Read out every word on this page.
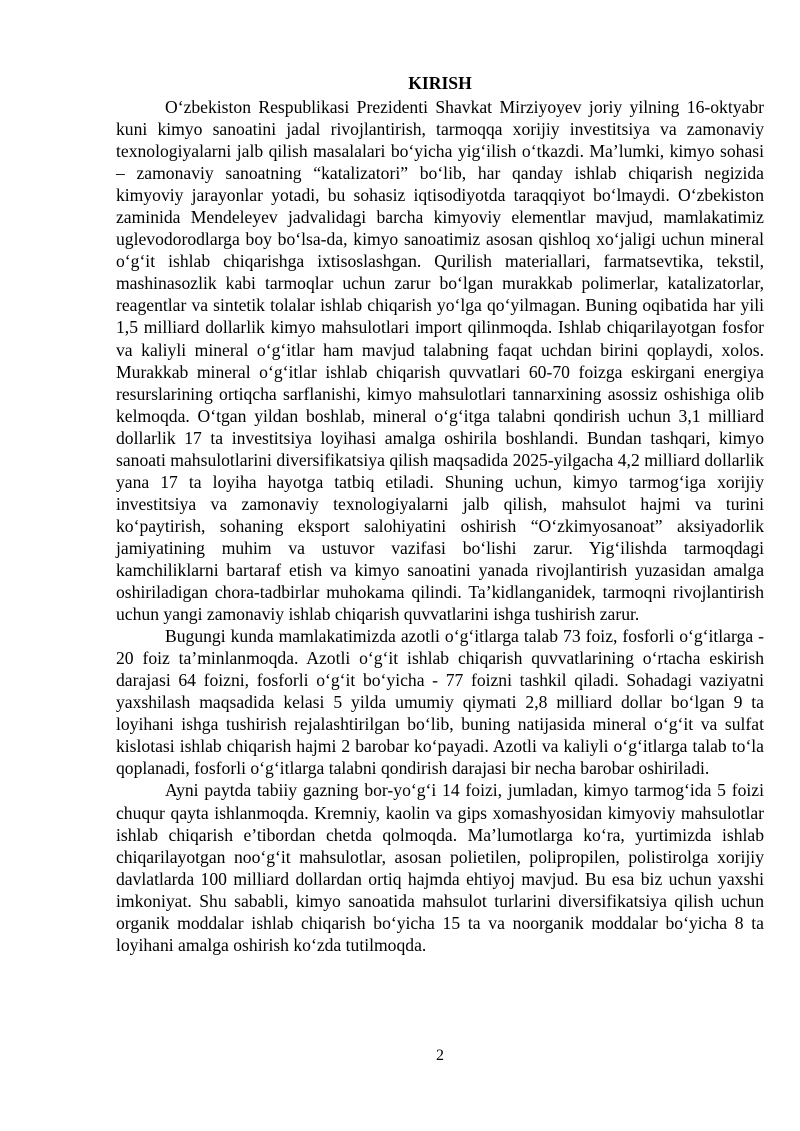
KIRISH

O‘zbekiston Respublikasi Prezidenti Shavkat Mirziyoyev joriy yilning 16-oktyabr kuni kimyo sanoatini jadal rivojlantirish, tarmoqqa xorijiy investitsiya va zamonaviy texnologiyalarni jalb qilish masalalari bo‘yicha yig‘ilish o‘tkazdi. Ma’lumki, kimyo sohasi – zamonaviy sanoatning “katalizatori” bo‘lib, har qanday ishlab chiqarish negizida kimyoviy jarayonlar yotadi, bu sohasiz iqtisodiyotda taraqqiyot bo‘lmaydi. O‘zbekiston zaminida Mendeleyev jadvalidagi barcha kimyoviy elementlar mavjud, mamlakatimiz uglevodorodlarga boy bo‘lsa-da, kimyo sanoatimiz asosan qishloq xo‘jaligi uchun mineral o‘g‘it ishlab chiqarishga ixtisoslashgan. Qurilish materiallari, farmatsevtika, tekstil, mashinasozlik kabi tarmoqlar uchun zarur bo‘lgan murakkab polimerlar, katalizatorlar, reagentlar va sintetik tolalar ishlab chiqarish yo‘lga qo‘yilmagan. Buning oqibatida har yili 1,5 milliard dollarlik kimyo mahsulotlari import qilinmoqda. Ishlab chiqarilayotgan fosfor va kaliyli mineral o‘g‘itlar ham mavjud talabning faqat uchdan birini qoplaydi, xolos. Murakkab mineral o‘g‘itlar ishlab chiqarish quvvatlari 60-70 foizga eskirgani energiya resurslarining ortiqcha sarflanishi, kimyo mahsulotlari tannarxining asossiz oshishiga olib kelmoqda. O‘tgan yildan boshlab, mineral o‘g‘itga talabni qondirish uchun 3,1 milliard dollarlik 17 ta investitsiya loyihasi amalga oshirila boshlandi. Bundan tashqari, kimyo sanoati mahsulotlarini diversifikatsiya qilish maqsadida 2025-yilgacha 4,2 milliard dollarlik yana 17 ta loyiha hayotga tatbiq etiladi. Shuning uchun, kimyo tarmog‘iga xorijiy investitsiya va zamonaviy texnologiyalarni jalb qilish, mahsulot hajmi va turini ko‘paytirish, sohaning eksport salohiyatini oshirish “O‘zkimyosanoat” aksiyadorlik jamiyatining muhim va ustuvor vazifasi bo‘lishi zarur. Yig‘ilishda tarmoqdagi kamchiliklarni bartaraf etish va kimyo sanoatini yanada rivojlantirish yuzasidan amalga oshiriladigan chora-tadbirlar muhokama qilindi. Ta’kidlanganidek, tarmoqni rivojlantirish uchun yangi zamonaviy ishlab chiqarish quvvatlarini ishga tushirish zarur.

Bugungi kunda mamlakatimizda azotli o‘g‘itlarga talab 73 foiz, fosforli o‘g‘itlarga - 20 foiz ta’minlanmoqda. Azotli o‘g‘it ishlab chiqarish quvvatlarining o‘rtacha eskirish darajasi 64 foizni, fosforli o‘g‘it bo‘yicha - 77 foizni tashkil qiladi. Sohadagi vaziyatni yaxshilash maqsadida kelasi 5 yilda umumiy qiymati 2,8 milliard dollar bo‘lgan 9 ta loyihani ishga tushirish rejalashtirilgan bo‘lib, buning natijasida mineral o‘g‘it va sulfat kislotasi ishlab chiqarish hajmi 2 barobar ko‘payadi. Azotli va kaliyli o‘g‘itlarga talab to‘la qoplanadi, fosforli o‘g‘itlarga talabni qondirish darajasi bir necha barobar oshiriladi.

Ayni paytda tabiiy gazning bor-yo‘g‘i 14 foizi, jumladan, kimyo tarmog‘ida 5 foizi chuqur qayta ishlanmoqda. Kremniy, kaolin va gips xomashyosidan kimyoviy mahsulotlar ishlab chiqarish e’tibordan chetda qolmoqda. Ma’lumotlarga ko‘ra, yurtimizda ishlab chiqarilayotgan noo‘g‘it mahsulotlar, asosan polietilen, polipropilen, polistirolga xorijiy davlatlarda 100 milliard dollardan ortiq hajmda ehtiyoj mavjud. Bu esa biz uchun yaxshi imkoniyat. Shu sababli, kimyo sanoatida mahsulot turlarini diversifikatsiya qilish uchun organik moddalar ishlab chiqarish bo‘yicha 15 ta va noorganik moddalar bo‘yicha 8 ta loyihani amalga oshirish ko‘zda tutilmoqda.

2
